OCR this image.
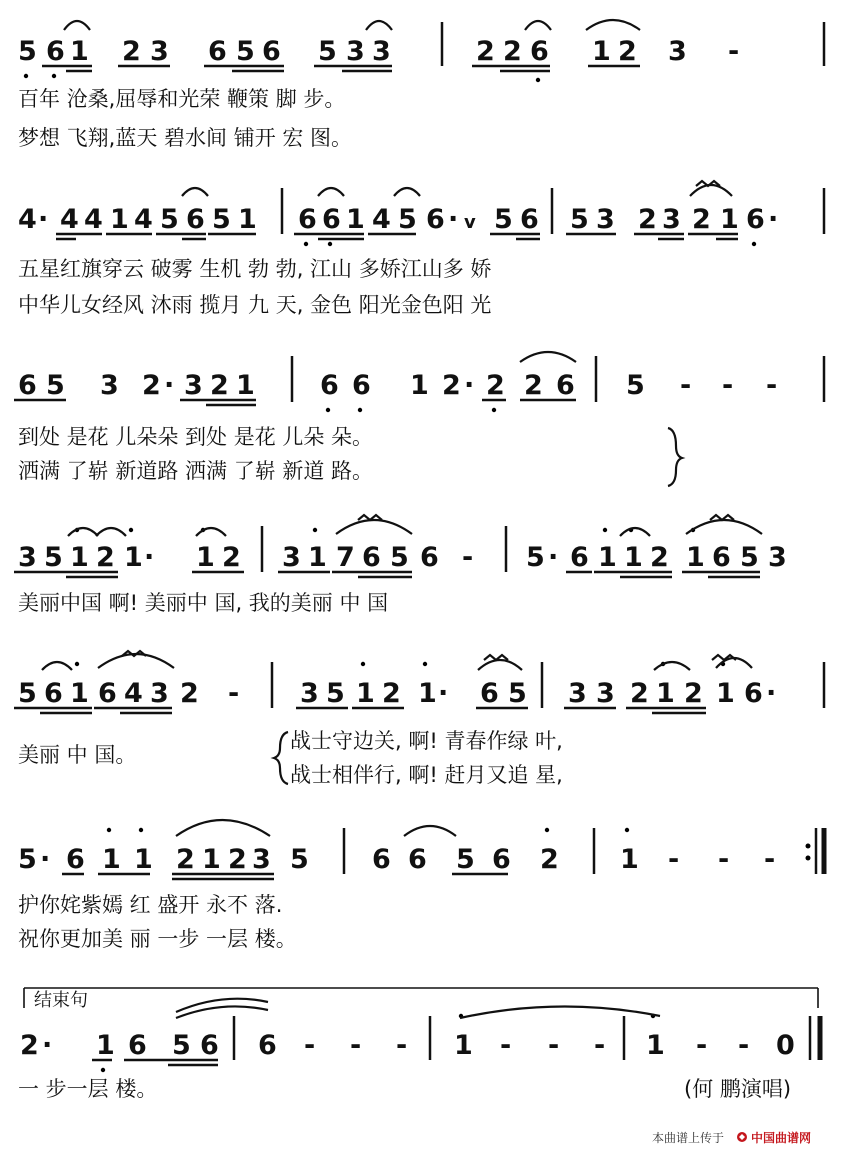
5 6 1 2 3 6 5 6 5 3 3	2 2 6 1 2 3 -
百年 沧桑,屈辱和光荣 鞭策 脚 步。
梦想 飞翔,蓝天 碧水间 铺开 宏 图。
4· 4 4 1 4 5 6 5 1 6 6 1 4 5 6 · v 5 6 5 3 2 3 2 1 6 ·
五星红旗穿云 破雾 生机 勃 勃, 江山 多娇江山多 娇
中华儿女经风 沐雨 揽月 九 天, 金色 阳光金色阳 光
6 5 3 2 · 3 2 1 6 6 1 2 · 2 2 6 5 - - -
到处 是花 儿朵朵 到处 是花 儿朵 朵。
洒满 了崭 新道路 洒满 了崭 新道 路。
3 5 1 2 1· 1 2 3 1 7 6 5 6 - 5 · 6 1 1 2 1 6 5 3
美丽中国 啊! 美丽中 国, 我的美丽 中 国
5 6 1 6 4 3 2 - 3 5 1 2 1· 6 5 3 3 2 1 2 1 6 ·
美丽 中 国。
战士守边关, 啊! 青春作绿 叶,
战士相伴行, 啊! 赶月又追 星,
5 · 6 1 1 2 1 2 3 5 6 6 5 6 2 1 - - -
护你姹紫嫣 红 盛开 永不 落.
祝你更加美 丽 一步 一层 楼。
结束句
2 · 1 6 5 6 6 - - - 1 - - - 1 - - 0
一 步一层 楼。	(何 鹏演唱)
本曲谱上传于 中国曲谱网
